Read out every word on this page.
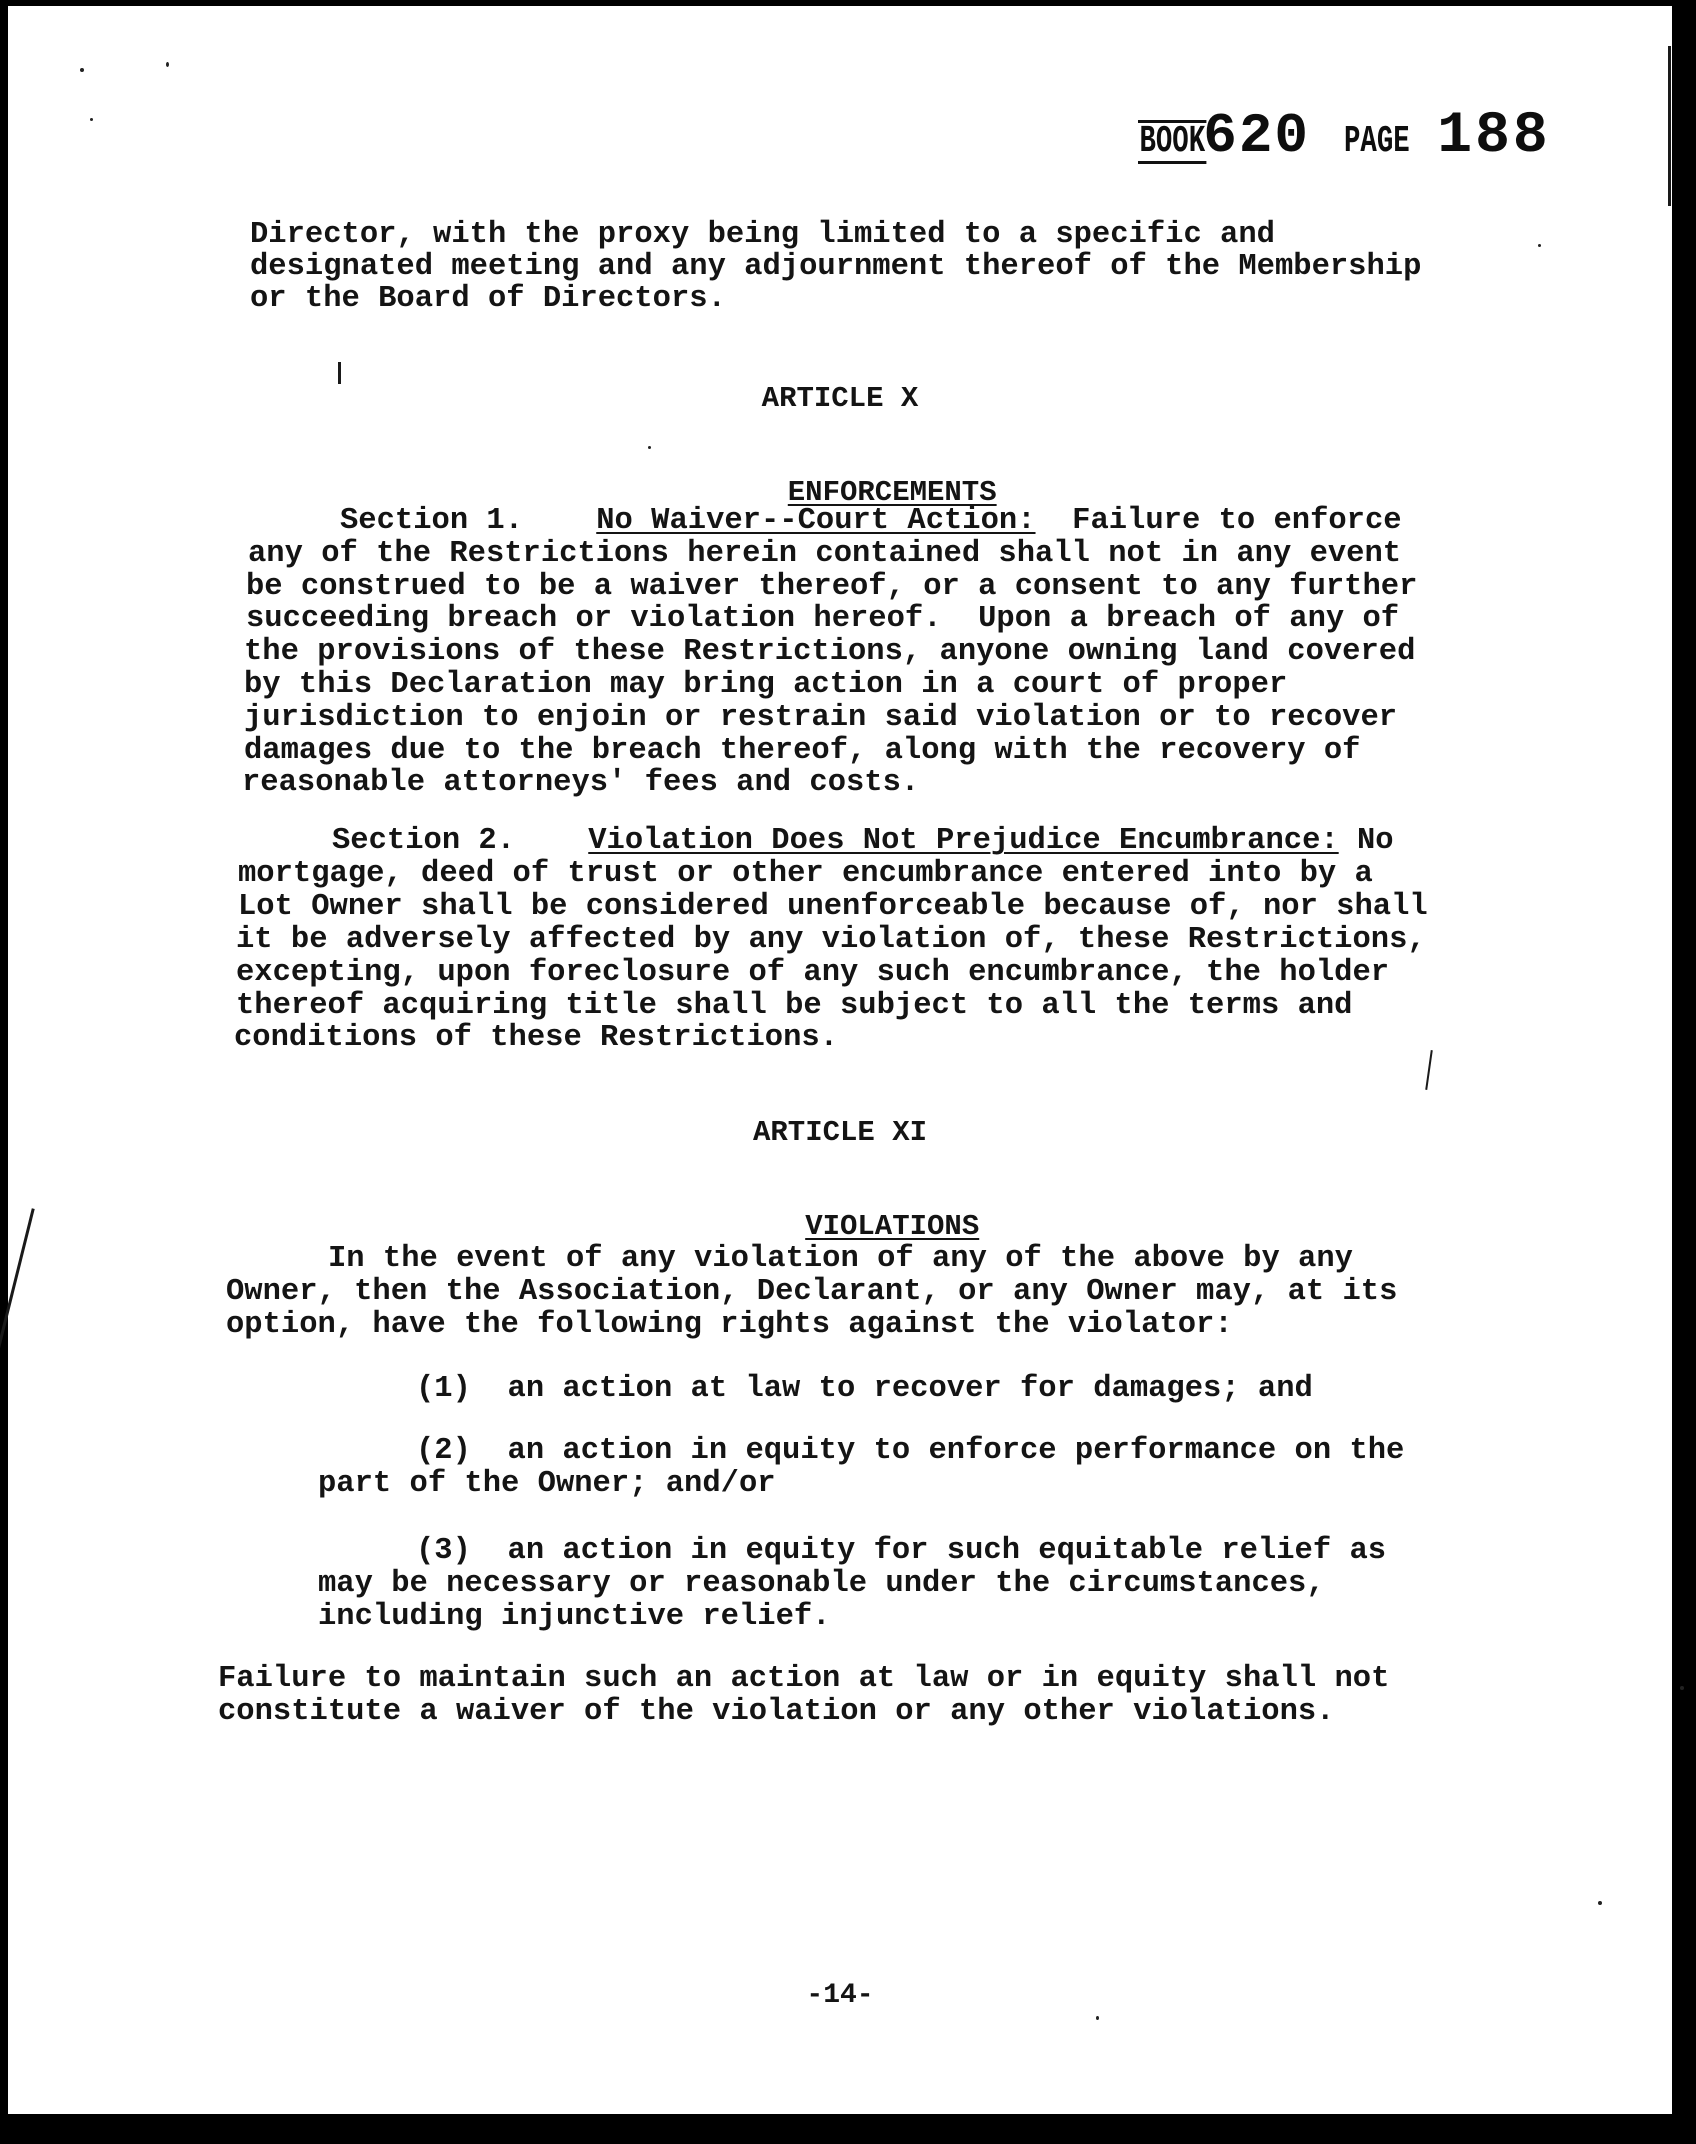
BOOK620 PAGE 188
Director, with the proxy being limited to a specific and
designated meeting and any adjournment thereof of the Membership
or the Board of Directors.
ARTICLE X

ENFORCEMENTS

Section 1. No Waiver--Court Action: Failure to enforce
any of the Restrictions herein contained shall not in any event
be construed to be a waiver thereof, or a consent to any further
succeeding breach or violation hereof.  Upon a breach of any of
the provisions of these Restrictions, anyone owning land covered
by this Declaration may bring action in a court of proper
jurisdiction to enjoin or restrain said violation or to recover
damages due to the breach thereof, along with the recovery of
reasonable attorneys' fees and costs.
Section 2. Violation Does Not Prejudice Encumbrance: No
mortgage, deed of trust or other encumbrance entered into by a
Lot Owner shall be considered unenforceable because of, nor shall
it be adversely affected by any violation of, these Restrictions,
excepting, upon foreclosure of any such encumbrance, the holder
thereof acquiring title shall be subject to all the terms and
conditions of these Restrictions.
ARTICLE XI

VIOLATIONS

In the event of any violation of any of the above by any
Owner, then the Association, Declarant, or any Owner may, at its
option, have the following rights against the violator:
(1)  an action at law to recover for damages; and
(2)  an action in equity to enforce performance on the
part of the Owner; and/or
(3)  an action in equity for such equitable relief as
may be necessary or reasonable under the circumstances,
including injunctive relief.
Failure to maintain such an action at law or in equity shall not
constitute a waiver of the violation or any other violations.
-14-
